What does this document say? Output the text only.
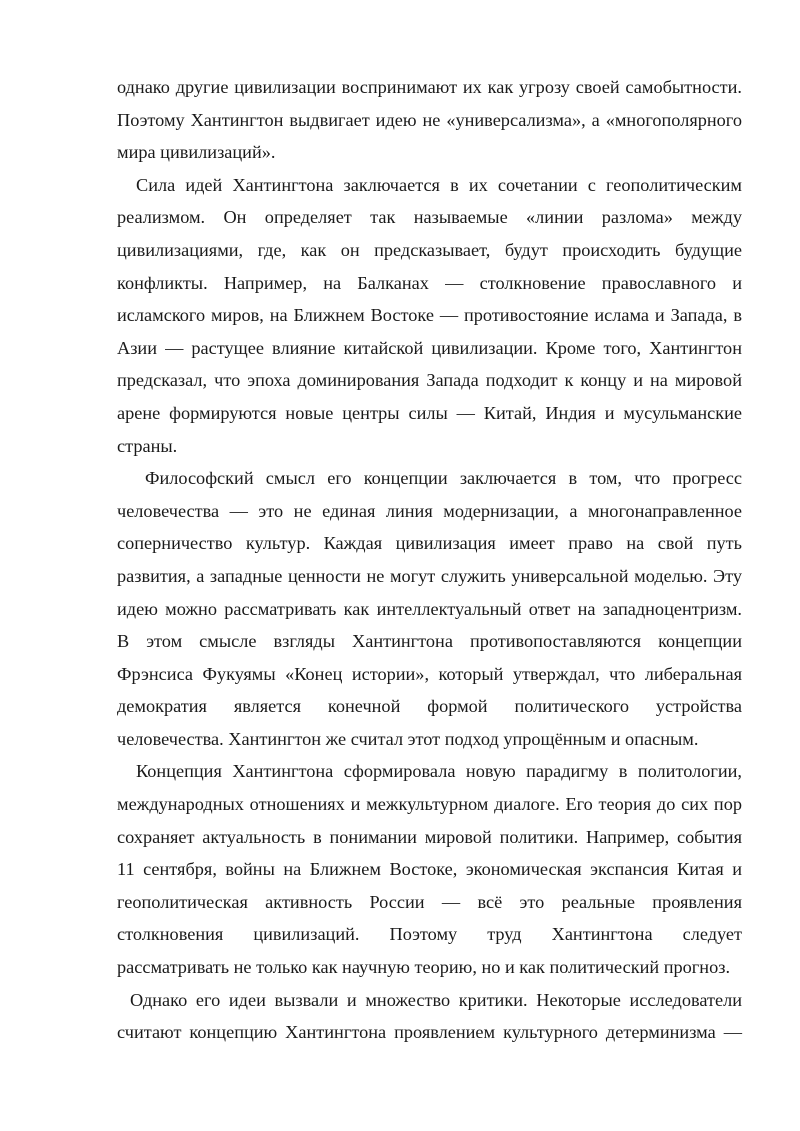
однако другие цивилизации воспринимают их как угрозу своей самобытности.
Поэтому Хантингтон выдвигает идею не «универсализма», а «многополярного
мира цивилизаций».
Сила идей Хантингтона заключается в их сочетании с геополитическим
реализмом. Он определяет так называемые «линии разлома» между
цивилизациями, где, как он предсказывает, будут происходить будущие
конфликты. Например, на Балканах — столкновение православного и
исламского миров, на Ближнем Востоке — противостояние ислама и Запада, в
Азии — растущее влияние китайской цивилизации. Кроме того, Хантингтон
предсказал, что эпоха доминирования Запада подходит к концу и на мировой
арене формируются новые центры силы — Китай, Индия и мусульманские
страны.
Философский смысл его концепции заключается в том, что прогресс
человечества — это не единая линия модернизации, а многонаправленное
соперничество культур. Каждая цивилизация имеет право на свой путь
развития, а западные ценности не могут служить универсальной моделью. Эту
идею можно рассматривать как интеллектуальный ответ на западноцентризм.
В этом смысле взгляды Хантингтона противопоставляются концепции
Фрэнсиса Фукуямы «Конец истории», который утверждал, что либеральная
демократия является конечной формой политического устройства
человечества. Хантингтон же считал этот подход упрощённым и опасным.
Концепция Хантингтона сформировала новую парадигму в политологии,
международных отношениях и межкультурном диалоге. Его теория до сих пор
сохраняет актуальность в понимании мировой политики. Например, события
11 сентября, войны на Ближнем Востоке, экономическая экспансия Китая и
геополитическая активность России — всё это реальные проявления
столкновения цивилизаций. Поэтому труд Хантингтона следует
рассматривать не только как научную теорию, но и как политический прогноз.
Однако его идеи вызвали и множество критики. Некоторые исследователи
считают концепцию Хантингтона проявлением культурного детерминизма —
